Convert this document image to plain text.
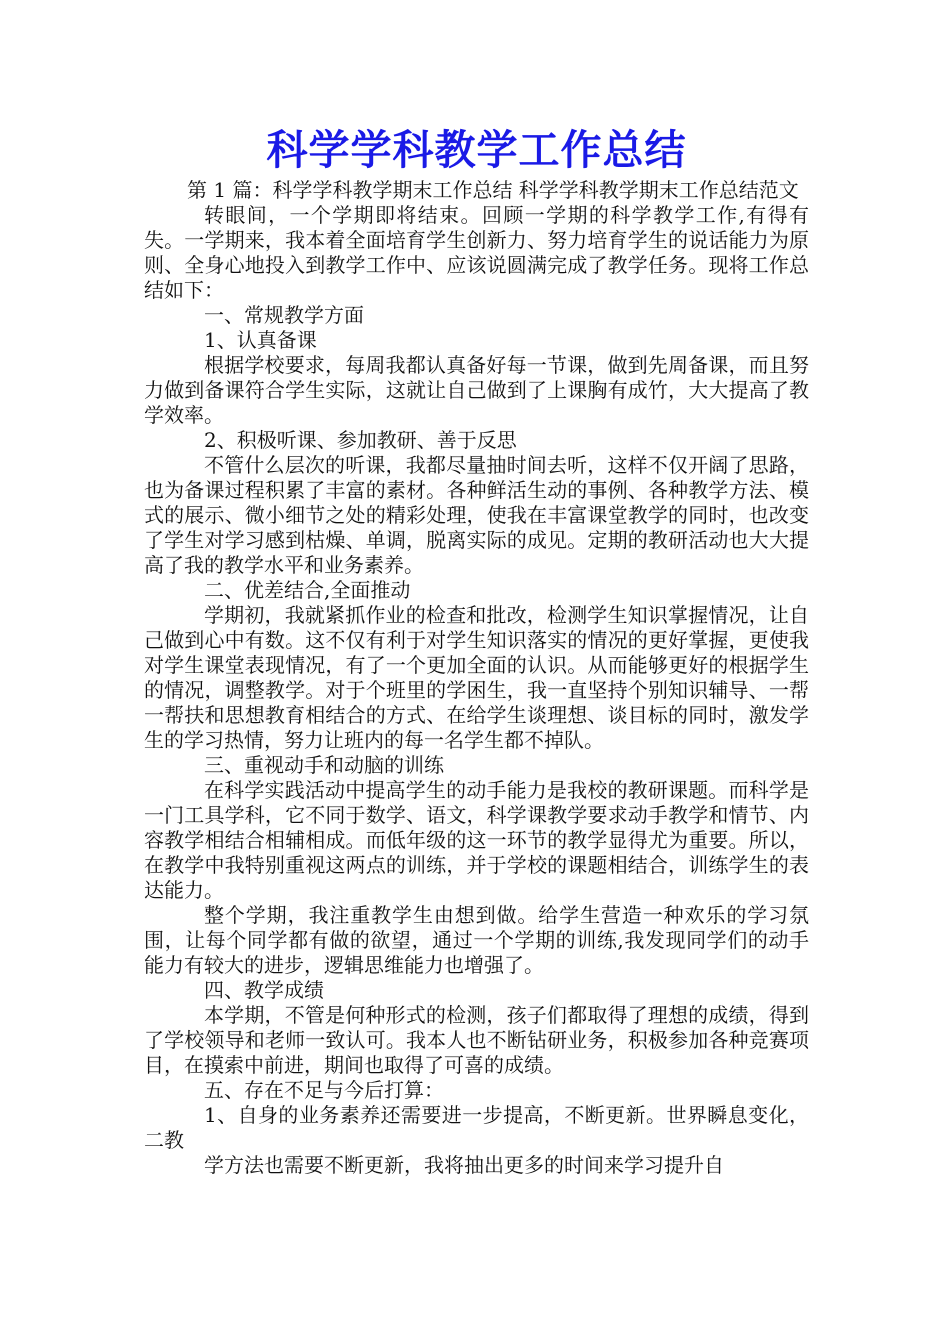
科学学科教学工作总结

第 1 篇：科学学科教学期末工作总结 科学学科教学期末工作总结范文

转眼间，一个学期即将结束。回顾一学期的科学教学工作,有得有失。一学期来，我本着全面培育学生创新力、努力培育学生的说话能力为原则、全身心地投入到教学工作中、应该说圆满完成了教学任务。现将工作总结如下：

一、常规教学方面

1、认真备课

根据学校要求，每周我都认真备好每一节课，做到先周备课，而且努力做到备课符合学生实际，这就让自己做到了上课胸有成竹，大大提高了教学效率。

2、积极听课、参加教研、善于反思

不管什么层次的听课，我都尽量抽时间去听，这样不仅开阔了思路，也为备课过程积累了丰富的素材。各种鲜活生动的事例、各种教学方法、模式的展示、微小细节之处的精彩处理，使我在丰富课堂教学的同时，也改变了学生对学习感到枯燥、单调，脱离实际的成见。定期的教研活动也大大提高了我的教学水平和业务素养。

二、优差结合,全面推动

学期初，我就紧抓作业的检查和批改，检测学生知识掌握情况，让自己做到心中有数。这不仅有利于对学生知识落实的情况的更好掌握，更使我对学生课堂表现情况，有了一个更加全面的认识。从而能够更好的根据学生的情况，调整教学。对于个班里的学困生，我一直坚持个别知识辅导、一帮一帮扶和思想教育相结合的方式、在给学生谈理想、谈目标的同时，激发学生的学习热情，努力让班内的每一名学生都不掉队。

三、重视动手和动脑的训练

在科学实践活动中提高学生的动手能力是我校的教研课题。而科学是一门工具学科，它不同于数学、语文，科学课教学要求动手教学和情节、内容教学相结合相辅相成。而低年级的这一环节的教学显得尤为重要。所以，在教学中我特别重视这两点的训练，并于学校的课题相结合，训练学生的表达能力。

整个学期，我注重教学生由想到做。给学生营造一种欢乐的学习氛围，让每个同学都有做的欲望，通过一个学期的训练,我发现同学们的动手能力有较大的进步，逻辑思维能力也增强了。

四、教学成绩

本学期，不管是何种形式的检测，孩子们都取得了理想的成绩，得到了学校领导和老师一致认可。我本人也不断钻研业务，积极参加各种竞赛项目，在摸索中前进，期间也取得了可喜的成绩。

五、存在不足与今后打算：

1、自身的业务素养还需要进一步提高，不断更新。世界瞬息变化，二教

学方法也需要不断更新，我将抽出更多的时间来学习提升自
